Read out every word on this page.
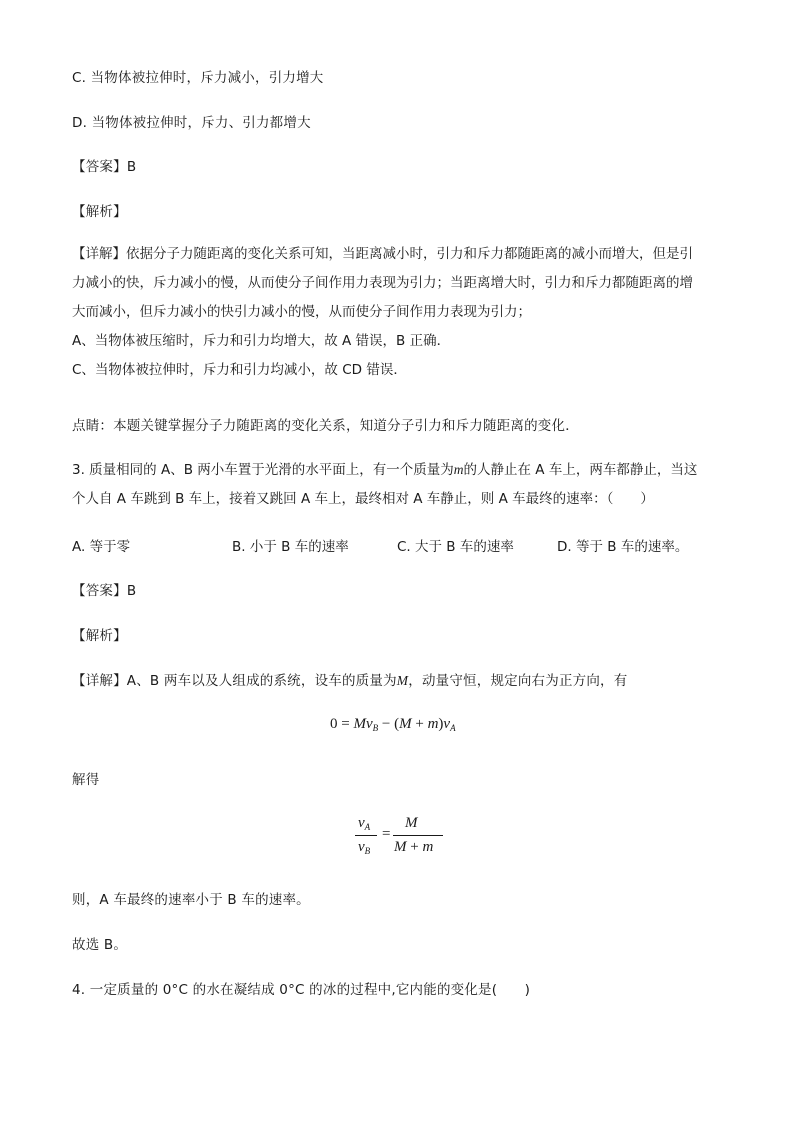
C. 当物体被拉伸时，斥力减小，引力增大
D. 当物体被拉伸时，斥力、引力都增大
【答案】B
【解析】
【详解】依据分子力随距离的变化关系可知，当距离减小时，引力和斥力都随距离的减小而增大，但是引
力减小的快，斥力减小的慢，从而使分子间作用力表现为引力；当距离增大时，引力和斥力都随距离的增
大而减小，但斥力减小的快引力减小的慢，从而使分子间作用力表现为引力；
A、当物体被压缩时，斥力和引力均增大，故 A 错误，B 正确．
C、当物体被拉伸时，斥力和引力均减小，故 CD 错误．
点睛：本题关键掌握分子力随距离的变化关系，知道分子引力和斥力随距离的变化．
3. 质量相同的 A、B 两小车置于光滑的水平面上，有一个质量为m的人静止在 A 车上，两车都静止，当这
个人自 A 车跳到 B 车上，接着又跳回 A 车上，最终相对 A 车静止，则 A 车最终的速率：（　　）
A. 等于零	B. 小于 B 车的速率	C. 大于 B 车的速率	D. 等于 B 车的速率。
【答案】B
【解析】
【详解】A、B 两车以及人组成的系统，设车的质量为M，动量守恒，规定向右为正方向，有
$0 = Mv_B - (M + m)v_A$
解得
$v_A$
$v_B$
=
M
M + m
则，A 车最终的速率小于 B 车的速率。
故选 B。
4. 一定质量的 0°C 的水在凝结成 0°C 的冰的过程中,它内能的变化是(　　)
